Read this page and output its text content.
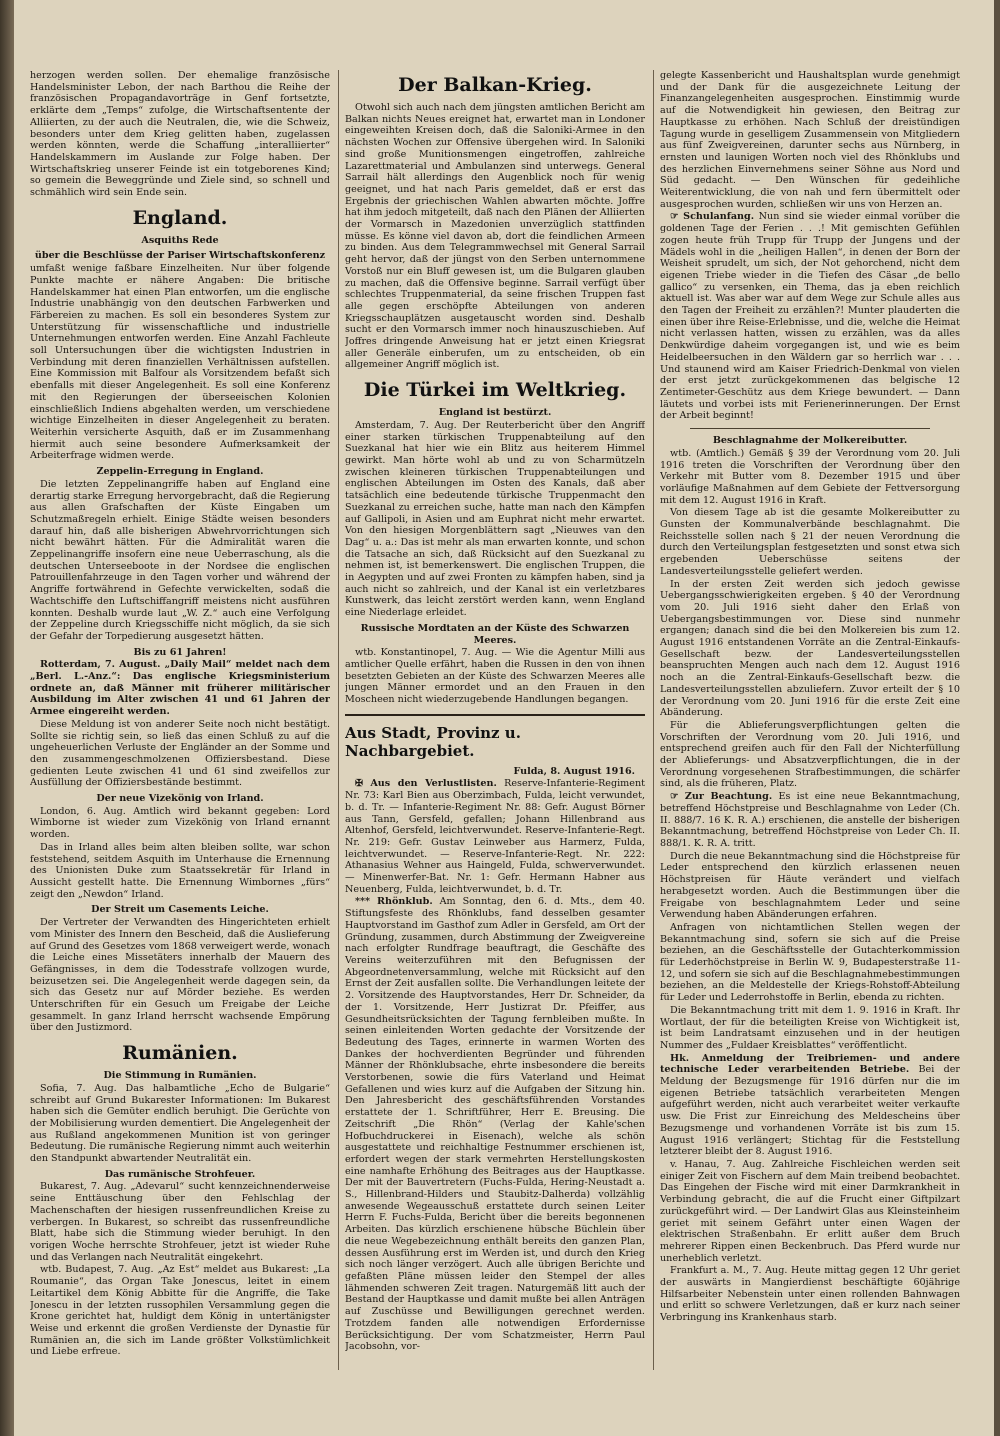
herzogen werden sollen. Der ehemalige französische Handelsminister Lebon, der nach Barthou die Reihe der französischen Propagandavorträge in Genf fortsetzte, erklärte dem „Temps“ zufolge, die Wirtschaftsentente der Alliierten, zu der auch die Neutralen, die, wie die Schweiz, besonders unter dem Krieg gelitten haben, zugelassen werden könnten, werde die Schaffung „interalliierter“ Handelskammern im Auslande zur Folge haben. Der Wirtschaftskrieg unserer Feinde ist ein totgeborenes Kind; so gemein die Beweggründe und Ziele sind, so schnell und schmählich wird sein Ende sein.

England.
Asquiths Rede
über die Beschlüsse der Pariser Wirtschaftskonferenz

umfaßt wenige faßbare Einzelheiten. Nur über folgende Punkte machte er nähere Angaben: Die britische Handelskammer hat einen Plan entworfen, um die englische Industrie unabhängig von den deutschen Farbwerken und Färbereien zu machen. Es soll ein besonderes System zur Unterstützung für wissenschaftliche und industrielle Unternehmungen entworfen werden. Eine Anzahl Fachleute soll Untersuchungen über die wichtigsten Industrien in Verbindung mit deren finanziellen Verhältnissen aufstellen. Eine Kommission mit Balfour als Vorsitzendem befaßt sich ebenfalls mit dieser Angelegenheit. Es soll eine Konferenz mit den Regierungen der überseeischen Kolonien einschließlich Indiens abgehalten werden, um verschiedene wichtige Einzelheiten in dieser Angelegenheit zu beraten. Weiterhin versicherte Asquith, daß er im Zusammenhang hiermit auch seine besondere Aufmerksamkeit der Arbeiterfrage widmen werde.

Zeppelin-Erregung in England.

Die letzten Zeppelinangriffe haben auf England eine derartig starke Erregung hervorgebracht, daß die Regierung aus allen Grafschaften der Küste Eingaben um Schutzmaßregeln erhielt. Einige Städte weisen besonders darauf hin, daß alle bisherigen Abwehrvorrichtungen sich nicht bewährt hätten. Für die Admiralität waren die Zeppelinangriffe insofern eine neue Ueberraschung, als die deutschen Unterseeboote in der Nordsee die englischen Patrouillenfahrzeuge in den Tagen vorher und während der Angriffe fortwährend in Gefechte verwickelten, sodaß die Wachtschiffe den Luftschiffangriff meistens nicht ausführen konnten. Deshalb wurde laut „W. Z.“ auch eine Verfolgung der Zeppeline durch Kriegsschiffe nicht möglich, da sie sich der Gefahr der Torpedierung ausgesetzt hätten.

Bis zu 61 Jahren!

Rotterdam, 7. August. „Daily Mail“ meldet nach dem „Berl. L.-Anz.“: Das englische Kriegsministerium ordnete an, daß Männer mit früherer militärischer Ausbildung im Alter zwischen 41 und 61 Jahren der Armee eingereiht werden.

Diese Meldung ist von anderer Seite noch nicht bestätigt. Sollte sie richtig sein, so ließ das einen Schluß zu auf die ungeheuerlichen Verluste der Engländer an der Somme und den zusammengeschmolzenen Offiziersbestand. Diese gedienten Leute zwischen 41 und 61 sind zweifellos zur Ausfüllung der Offiziersbestände bestimmt.

Der neue Vizekönig von Irland.

London, 6. Aug. Amtlich wird bekannt gegeben: Lord Wimborne ist wieder zum Vizekönig von Irland ernannt worden.

Das in Irland alles beim alten bleiben sollte, war schon feststehend, seitdem Asquith im Unterhause die Ernennung des Unionisten Duke zum Staatssekretär für Irland in Aussicht gestellt hatte. Die Ernennung Wimbornes „fürs“ zeigt den „Newdon“ Irland.

Der Streit um Casements Leiche.

Der Vertreter der Verwandten des Hingerichteten erhielt vom Minister des Innern den Bescheid, daß die Auslieferung auf Grund des Gesetzes vom 1868 verweigert werde, wonach die Leiche eines Missetäters innerhalb der Mauern des Gefängnisses, in dem die Todesstrafe vollzogen wurde, beizusetzen sei. Die Angelegenheit werde dagegen sein, da sich das Gesetz nur auf Mörder beziehe. Es werden Unterschriften für ein Gesuch um Freigabe der Leiche gesammelt. In ganz Irland herrscht wachsende Empörung über den Justizmord.

Rumänien.
Die Stimmung in Rumänien.

Sofia, 7. Aug. Das halbamtliche „Echo de Bulgarie“ schreibt auf Grund Bukarester Informationen: Im Bukarest haben sich die Gemüter endlich beruhigt. Die Gerüchte von der Mobilisierung wurden dementiert. Die Angelegenheit der aus Rußland angekommenen Munition ist von geringer Bedeutung. Die rumänische Regierung nimmt auch weiterhin den Standpunkt abwartender Neutralität ein.

Das rumänische Strohfeuer.

Bukarest, 7. Aug. „Adevarul“ sucht kennzeichnenderweise seine Enttäuschung über den Fehlschlag der Machenschaften der hiesigen russenfreundlichen Kreise zu verbergen. In Bukarest, so schreibt das russenfreundliche Blatt, habe sich die Stimmung wieder beruhigt. In den vorigen Woche herrschte Strohfeuer, jetzt ist wieder Ruhe und das Verlangen nach Neutralität eingekehrt.

wtb. Budapest, 7. Aug. „Az Est“ meldet aus Bukarest: „La Roumanie“, das Organ Take Jonescus, leitet in einem Leitartikel dem König Abbitte für die Angriffe, die Take Jonescu in der letzten russophilen Versammlung gegen die Krone gerichtet hat, huldigt dem König in untertänigster Weise und erkennt die großen Verdienste der Dynastie für Rumänien an, die sich im Lande größter Volkstümlichkeit und Liebe erfreue.

Der Balkan-Krieg.

Otwohl sich auch nach dem jüngsten amtlichen Bericht am Balkan nichts Neues ereignet hat, erwartet man in Londoner eingeweihten Kreisen doch, daß die Saloniki-Armee in den nächsten Wochen zur Offensive übergehen wird. In Saloniki sind große Munitionsmengen eingetroffen, zahlreiche Lazarettmaterial und Ambulanzen sind unterwegs. General Sarrail hält allerdings den Augenblick noch für wenig geeignet, und hat nach Paris gemeldet, daß er erst das Ergebnis der griechischen Wahlen abwarten möchte. Joffre hat ihm jedoch mitgeteilt, daß nach den Plänen der Alliierten der Vormarsch in Mazedonien unverzüglich stattfinden müsse. Es könne viel davon ab, dort die feindlichen Armeen zu binden. Aus dem Telegrammwechsel mit General Sarrail geht hervor, daß der jüngst von den Serben unternommene Vorstoß nur ein Bluff gewesen ist, um die Bulgaren glauben zu machen, daß die Offensive beginne. Sarrail verfügt über schlechtes Truppenmaterial, da seine frischen Truppen fast alle gegen erschöpfte Abteilungen von anderen Kriegsschauplätzen ausgetauscht worden sind. Deshalb sucht er den Vormarsch immer noch hinauszuschieben. Auf Joffres dringende Anweisung hat er jetzt einen Kriegsrat aller Generäle einberufen, um zu entscheiden, ob ein allgemeiner Angriff möglich ist.

Die Türkei im Weltkrieg.
England ist bestürzt.

Amsterdam, 7. Aug. Der Reuterbericht über den Angriff einer starken türkischen Truppenabteilung auf den Suezkanal hat hier wie ein Blitz aus heiterem Himmel gewirkt. Man hörte wohl ab und zu von Scharmützeln zwischen kleineren türkischen Truppenabteilungen und englischen Abteilungen im Osten des Kanals, daß aber tatsächlich eine bedeutende türkische Truppenmacht den Suezkanal zu erreichen suche, hatte man nach den Kämpfen auf Gallipoli, in Asien und am Euphrat nicht mehr erwartet. Von den hiesigen Morgenblättern sagt „Nieuwes van den Dag“ u. a.: Das ist mehr als man erwarten konnte, und schon die Tatsache an sich, daß Rücksicht auf den Suezkanal zu nehmen ist, ist bemerkenswert. Die englischen Truppen, die in Aegypten und auf zwei Fronten zu kämpfen haben, sind ja auch nicht so zahlreich, und der Kanal ist ein verletzbares Kunstwerk, das leicht zerstört werden kann, wenn England eine Niederlage erleidet.

Russische Mordtaten an der Küste des Schwarzen Meeres.

wtb. Konstantinopel, 7. Aug. — Wie die Agentur Milli aus amtlicher Quelle erfährt, haben die Russen in den von ihnen besetzten Gebieten an der Küste des Schwarzen Meeres alle jungen Männer ermordet und an den Frauen in den Moscheen nicht wiederzugebende Handlungen begangen.

Aus Stadt, Provinz u. Nachbargebiet.
Fulda, 8. August 1916.

✠ Aus den Verlustlisten. Reserve-Infanterie-Regiment Nr. 73: Karl Bien aus Oberzimbach, Fulda, leicht verwundet, b. d. Tr. — Infanterie-Regiment Nr. 88: Gefr. August Börner aus Tann, Gersfeld, gefallen; Johann Hillenbrand aus Altenhof, Gersfeld, leichtverwundet. Reserve-Infanterie-Regt. Nr. 219: Gefr. Gustav Leinweber aus Harmerz, Fulda, leichtverwundet. — Reserve-Infanterie-Regt. Nr. 222: Athanasius Wehner aus Haingeld, Fulda, schwerverwundet. — Minenwerfer-Bat. Nr. 1: Gefr. Hermann Habner aus Neuenberg, Fulda, leichtverwundet, b. d. Tr.

*** Rhönklub. Am Sonntag, den 6. d. Mts., dem 40. Stiftungsfeste des Rhönklubs, fand desselben gesamter Hauptvorstand im Gasthof zum Adler in Gersfeld, am Ort der Gründung, zusammen, durch Abstimmung der Zweigvereine nach erfolgter Rundfrage beauftragt, die Geschäfte des Vereins weiterzuführen mit den Befugnissen der Abgeordnetenversammlung, welche mit Rücksicht auf den Ernst der Zeit ausfallen sollte. Die Verhandlungen leitete der 2. Vorsitzende des Hauptvorstandes, Herr Dr. Schneider, da der 1. Vorsitzende, Herr Justizrat Dr. Pfeiffer, aus Gesundheitsrücksichten der Tagung fernbleiben mußte. In seinen einleitenden Worten gedachte der Vorsitzende der Bedeutung des Tages, erinnerte in warmen Worten des Dankes der hochverdienten Begründer und führenden Männer der Rhönklubsache, ehrte insbesondere die bereits Verstorbenen, sowie die fürs Vaterland und Heimat Gefallenen und wies kurz auf die Aufgaben der Sitzung hin. Den Jahresbericht des geschäftsführenden Vorstandes erstattete der 1. Schriftführer, Herr E. Breusing. Die Zeitschrift „Die Rhön“ (Verlag der Kahle'schen Hofbuchdruckerei in Eisenach), welche als schön ausgestattete und reichhaltige Festnummer erschienen ist, erfordert wegen der stark vermehrten Herstellungskosten eine namhafte Erhöhung des Beitrages aus der Hauptkasse. Der mit der Bauvertretern (Fuchs-Fulda, Hering-Neustadt a. S., Hillenbrand-Hilders und Staubitz-Dalherda) vollzählig anwesende Wegeausschuß erstattete durch seinen Leiter Herrn F. Fuchs-Fulda, Bericht über die bereits begonnenen Arbeiten. Das kürzlich erschienene hübsche Büchlein über die neue Wegebezeichnung enthält bereits den ganzen Plan, dessen Ausführung erst im Werden ist, und durch den Krieg sich noch länger verzögert. Auch alle übrigen Berichte und gefaßten Pläne müssen leider den Stempel der alles lähmenden schweren Zeit tragen. Naturgemäß litt auch der Bestand der Hauptkasse und damit mußte bei allen Anträgen auf Zuschüsse und Bewilligungen gerechnet werden. Trotzdem fanden alle notwendigen Erfordernisse Berücksichtigung. Der vom Schatzmeister, Herrn Paul Jacobsohn, vor-

gelegte Kassenbericht und Haushaltsplan wurde genehmigt und der Dank für die ausgezeichnete Leitung der Finanzangelegenheiten ausgesprochen. Einstimmig wurde auf die Notwendigkeit hin gewiesen, den Beitrag zur Hauptkasse zu erhöhen. Nach Schluß der dreistündigen Tagung wurde in geselligem Zusammensein von Mitgliedern aus fünf Zweigvereinen, darunter sechs aus Nürnberg, in ernsten und launigen Worten noch viel des Rhönklubs und des herzlichen Einvernehmens seiner Söhne aus Nord und Süd gedacht. — Den Wünschen für gedeihliche Weiterentwicklung, die von nah und fern übermittelt oder ausgesprochen wurden, schließen wir uns von Herzen an.

☞ Schulanfang. Nun sind sie wieder einmal vorüber die goldenen Tage der Ferien . . .! Mit gemischten Gefühlen zogen heute früh Trupp für Trupp der Jungens und der Mädels wohl in die „heiligen Hallen“, in denen der Born der Weisheit sprudelt, um sich, der Not gehorchend, nicht dem eigenen Triebe wieder in die Tiefen des Cäsar „de bello gallico“ zu versenken, ein Thema, das ja eben reichlich aktuell ist. Was aber war auf dem Wege zur Schule alles aus den Tagen der Freiheit zu erzählen?! Munter plauderten die einen über ihre Reise-Erlebnisse, und die, welche die Heimat nicht verlassen hatten, wissen zu erzählen, was da alles Denkwürdige daheim vorgegangen ist, und wie es beim Heidelbeersuchen in den Wäldern gar so herrlich war . . . Und staunend wird am Kaiser Friedrich-Denkmal von vielen der erst jetzt zurückgekommenen das belgische 12 Zentimeter-Geschütz aus dem Kriege bewundert. — Dann läutets und vorbei ists mit Ferienerinnerungen. Der Ernst der Arbeit beginnt!

Beschlagnahme der Molkereibutter.

wtb. (Amtlich.) Gemäß § 39 der Verordnung vom 20. Juli 1916 treten die Vorschriften der Verordnung über den Verkehr mit Butter vom 8. Dezember 1915 und über vorläufige Maßnahmen auf dem Gebiete der Fettversorgung mit dem 12. August 1916 in Kraft.

Von diesem Tage ab ist die gesamte Molkereibutter zu Gunsten der Kommunalverbände beschlagnahmt. Die Reichsstelle sollen nach § 21 der neuen Verordnung die durch den Verteilungsplan festgesetzten und sonst etwa sich ergebenden Ueberschüsse seitens der Landesverteilungsstelle geliefert werden.

In der ersten Zeit werden sich jedoch gewisse Uebergangsschwierigkeiten ergeben. § 40 der Verordnung vom 20. Juli 1916 sieht daher den Erlaß von Uebergangsbestimmungen vor. Diese sind nunmehr ergangen; danach sind die bei den Molkereien bis zum 12. August 1916 entstandenen Vorräte an die Zentral-Einkaufs-Gesellschaft bezw. der Landesverteilungsstellen beanspruchten Mengen auch nach dem 12. August 1916 noch an die Zentral-Einkaufs-Gesellschaft bezw. die Landesverteilungsstellen abzuliefern. Zuvor erteilt der § 10 der Verordnung vom 20. Juni 1916 für die erste Zeit eine Abänderung.

Für die Ablieferungsverpflichtungen gelten die Vorschriften der Verordnung vom 20. Juli 1916, und entsprechend greifen auch für den Fall der Nichterfüllung der Ablieferungs- und Absatzverpflichtungen, die in der Verordnung vorgesehenen Strafbestimmungen, die schärfer sind, als die früheren, Platz.

☞ Zur Beachtung. Es ist eine neue Bekanntmachung, betreffend Höchstpreise und Beschlagnahme von Leder (Ch. II. 888/7. 16 K. R. A.) erschienen, die anstelle der bisherigen Bekanntmachung, betreffend Höchstpreise von Leder Ch. II. 888/1. K. R. A. tritt.

Durch die neue Bekanntmachung sind die Höchstpreise für Leder entsprechend den kürzlich erlassenen neuen Höchstpreisen für Häute verändert und vielfach herabgesetzt worden. Auch die Bestimmungen über die Freigabe von beschlagnahmtem Leder und seine Verwendung haben Abänderungen erfahren.

Anfragen von nichtamtlichen Stellen wegen der Bekanntmachung sind, sofern sie sich auf die Preise beziehen, an die Geschäftsstelle der Gutachterkommission für Lederhöchstpreise in Berlin W. 9, Budapesterstraße 11-12, und sofern sie sich auf die Beschlagnahmebestimmungen beziehen, an die Meldestelle der Kriegs-Rohstoff-Abteilung für Leder und Lederrohstoffe in Berlin, ebenda zu richten.

Die Bekanntmachung tritt mit dem 1. 9. 1916 in Kraft. Ihr Wortlaut, der für die beteiligten Kreise von Wichtigkeit ist, ist beim Landratsamt einzusehen und in der heutigen Nummer des „Fuldaer Kreisblattes“ veröffentlicht.

Hk. Anmeldung der Treibriemen- und andere technische Leder verarbeitenden Betriebe. Bei der Meldung der Bezugsmenge für 1916 dürfen nur die im eigenen Betriebe tatsächlich verarbeiteten Mengen aufgeführt werden, nicht auch verarbeitet weiter verkaufte usw. Die Frist zur Einreichung des Meldescheins über Bezugsmenge und vorhandenen Vorräte ist bis zum 15. August 1916 verlängert; Stichtag für die Feststellung letzterer bleibt der 8. August 1916.

v. Hanau, 7. Aug. Zahlreiche Fischleichen werden seit einiger Zeit von Fischern auf dem Main treibend beobachtet. Das Eingehen der Fische wird mit einer Darmkrankheit in Verbindung gebracht, die auf die Frucht einer Giftpilzart zurückgeführt wird. — Der Landwirt Glas aus Kleinsteinheim geriet mit seinem Gefährt unter einen Wagen der elektrischen Straßenbahn. Er erlitt außer dem Bruch mehrerer Rippen einen Beckenbruch. Das Pferd wurde nur unerheblich verletzt.

Frankfurt a. M., 7. Aug. Heute mittag gegen 12 Uhr geriet der auswärts in Mangierdienst beschäftigte 60jährige Hilfsarbeiter Nebenstein unter einen rollenden Bahnwagen und erlitt so schwere Verletzungen, daß er kurz nach seiner Verbringung ins Krankenhaus starb.
